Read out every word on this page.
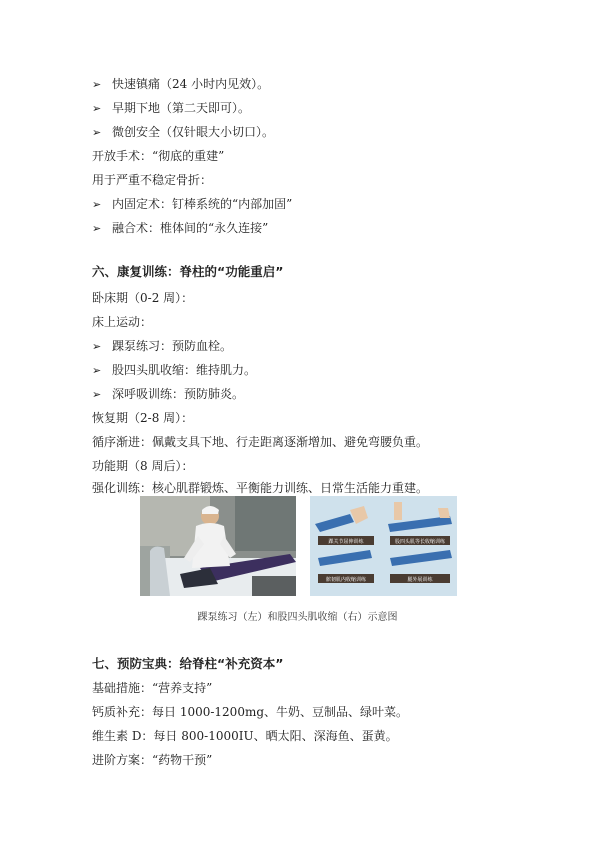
➢ 快速镇痛（24 小时内见效）。
➢ 早期下地（第二天即可）。
➢ 微创安全（仅针眼大小切口）。
开放手术：“彻底的重建”
用于严重不稳定骨折：
➢ 内固定术：钉棒系统的“内部加固”
➢ 融合术：椎体间的“永久连接”
六、康复训练：脊柱的“功能重启”
卧床期（0-2 周）：
床上运动：
➢ 踝泵练习：预防血栓。
➢ 股四头肌收缩：维持肌力。
➢ 深呼吸训练：预防肺炎。
恢复期（2-8 周）：
循序渐进：佩戴支具下地、行走距离逐渐增加、避免弯腰负重。
功能期（8 周后）：
强化训练：核心肌群锻炼、平衡能力训练、日常生活能力重建。
踝关节屈伸训练	股四头肌等长收缩训练
髌韧肌内收缩训练	腿外展训练
踝泵练习（左）和股四头肌收缩（右）示意图
七、预防宝典：给脊柱“补充资本”
基础措施：“营养支持”
钙质补充：每日 1000-1200mg、牛奶、豆制品、绿叶菜。
维生素 D：每日 800-1000IU、晒太阳、深海鱼、蛋黄。
进阶方案：“药物干预”
